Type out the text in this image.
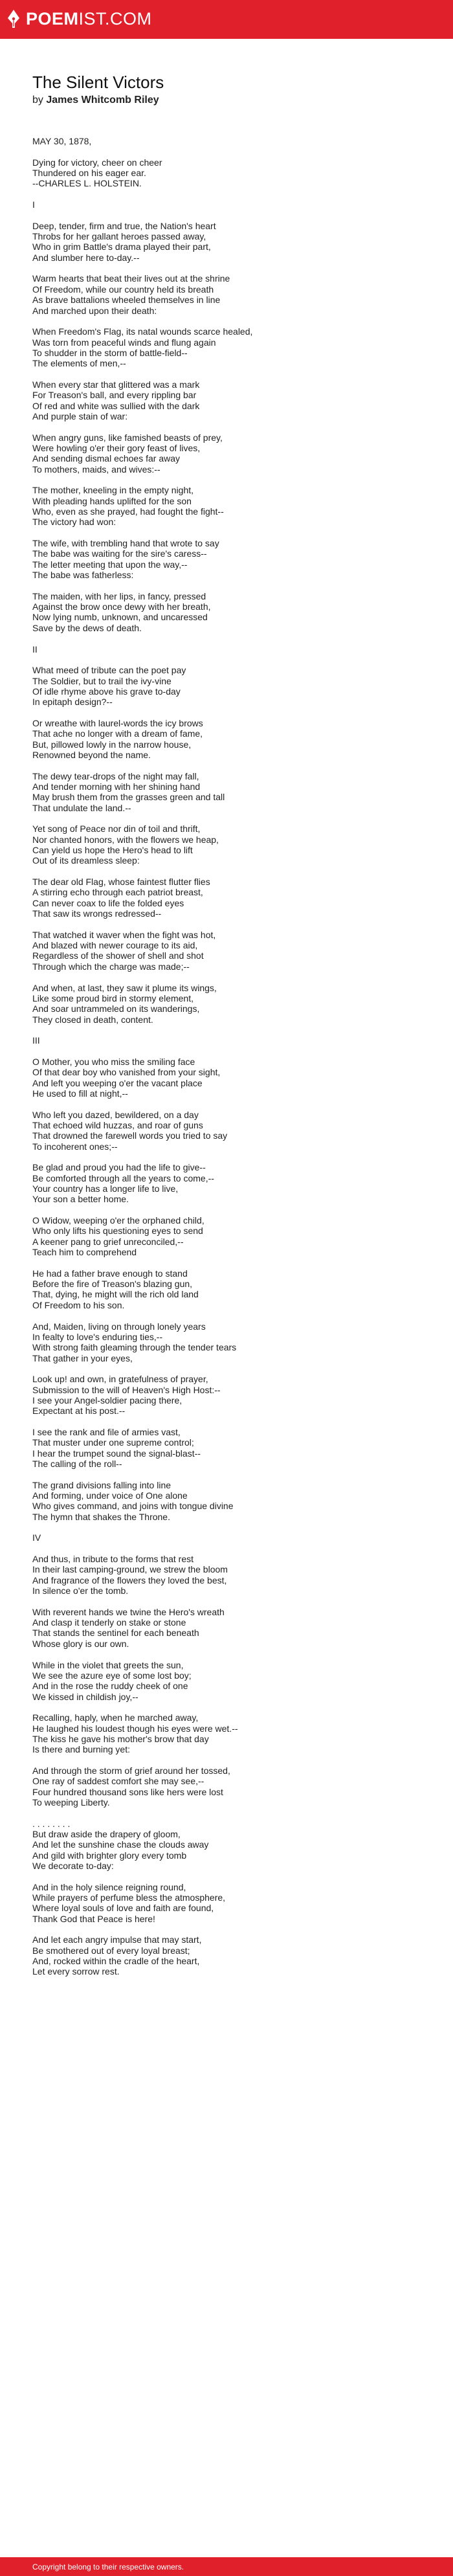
POEMIST.COM
The Silent Victors
by James Whitcomb Riley
MAY 30, 1878,
Dying for victory, cheer on cheer
Thundered on his eager ear.
--CHARLES L. HOLSTEIN.
I
Deep, tender, firm and true, the Nation's heart
Throbs for her gallant heroes passed away,
Who in grim Battle's drama played their part,
And slumber here to-day.--
Warm hearts that beat their lives out at the shrine
Of Freedom, while our country held its breath
As brave battalions wheeled themselves in line
And marched upon their death:
When Freedom's Flag, its natal wounds scarce healed,
Was torn from peaceful winds and flung again
To shudder in the storm of battle-field--
The elements of men,--
When every star that glittered was a mark
For Treason's ball, and every rippling bar
Of red and white was sullied with the dark
And purple stain of war:
When angry guns, like famished beasts of prey,
Were howling o'er their gory feast of lives,
And sending dismal echoes far away
To mothers, maids, and wives:--
The mother, kneeling in the empty night,
With pleading hands uplifted for the son
Who, even as she prayed, had fought the fight--
The victory had won:
The wife, with trembling hand that wrote to say
The babe was waiting for the sire's caress--
The letter meeting that upon the way,--
The babe was fatherless:
The maiden, with her lips, in fancy, pressed
Against the brow once dewy with her breath,
Now lying numb, unknown, and uncaressed
Save by the dews of death.
II
What meed of tribute can the poet pay
The Soldier, but to trail the ivy-vine
Of idle rhyme above his grave to-day
In epitaph design?--
Or wreathe with laurel-words the icy brows
That ache no longer with a dream of fame,
But, pillowed lowly in the narrow house,
Renowned beyond the name.
The dewy tear-drops of the night may fall,
And tender morning with her shining hand
May brush them from the grasses green and tall
That undulate the land.--
Yet song of Peace nor din of toil and thrift,
Nor chanted honors, with the flowers we heap,
Can yield us hope the Hero's head to lift
Out of its dreamless sleep:
The dear old Flag, whose faintest flutter flies
A stirring echo through each patriot breast,
Can never coax to life the folded eyes
That saw its wrongs redressed--
That watched it waver when the fight was hot,
And blazed with newer courage to its aid,
Regardless of the shower of shell and shot
Through which the charge was made;--
And when, at last, they saw it plume its wings,
Like some proud bird in stormy element,
And soar untrammeled on its wanderings,
They closed in death, content.
III
O Mother, you who miss the smiling face
Of that dear boy who vanished from your sight,
And left you weeping o'er the vacant place
He used to fill at night,--
Who left you dazed, bewildered, on a day
That echoed wild huzzas, and roar of guns
That drowned the farewell words you tried to say
To incoherent ones;--
Be glad and proud you had the life to give--
Be comforted through all the years to come,--
Your country has a longer life to live,
Your son a better home.
O Widow, weeping o'er the orphaned child,
Who only lifts his questioning eyes to send
A keener pang to grief unreconciled,--
Teach him to comprehend
He had a father brave enough to stand
Before the fire of Treason's blazing gun,
That, dying, he might will the rich old land
Of Freedom to his son.
And, Maiden, living on through lonely years
In fealty to love's enduring ties,--
With strong faith gleaming through the tender tears
That gather in your eyes,
Look up! and own, in gratefulness of prayer,
Submission to the will of Heaven's High Host:--
I see your Angel-soldier pacing there,
Expectant at his post.--
I see the rank and file of armies vast,
That muster under one supreme control;
I hear the trumpet sound the signal-blast--
The calling of the roll--
The grand divisions falling into line
And forming, under voice of One alone
Who gives command, and joins with tongue divine
The hymn that shakes the Throne.
IV
And thus, in tribute to the forms that rest
In their last camping-ground, we strew the bloom
And fragrance of the flowers they loved the best,
In silence o'er the tomb.
With reverent hands we twine the Hero's wreath
And clasp it tenderly on stake or stone
That stands the sentinel for each beneath
Whose glory is our own.
While in the violet that greets the sun,
We see the azure eye of some lost boy;
And in the rose the ruddy cheek of one
We kissed in childish joy,--
Recalling, haply, when he marched away,
He laughed his loudest though his eyes were wet.--
The kiss he gave his mother's brow that day
Is there and burning yet:
And through the storm of grief around her tossed,
One ray of saddest comfort she may see,--
Four hundred thousand sons like hers were lost
To weeping Liberty.
. . . . . . . .
But draw aside the drapery of gloom,
And let the sunshine chase the clouds away
And gild with brighter glory every tomb
We decorate to-day:
And in the holy silence reigning round,
While prayers of perfume bless the atmosphere,
Where loyal souls of love and faith are found,
Thank God that Peace is here!
And let each angry impulse that may start,
Be smothered out of every loyal breast;
And, rocked within the cradle of the heart,
Let every sorrow rest.
Copyright belong to their respective owners.
